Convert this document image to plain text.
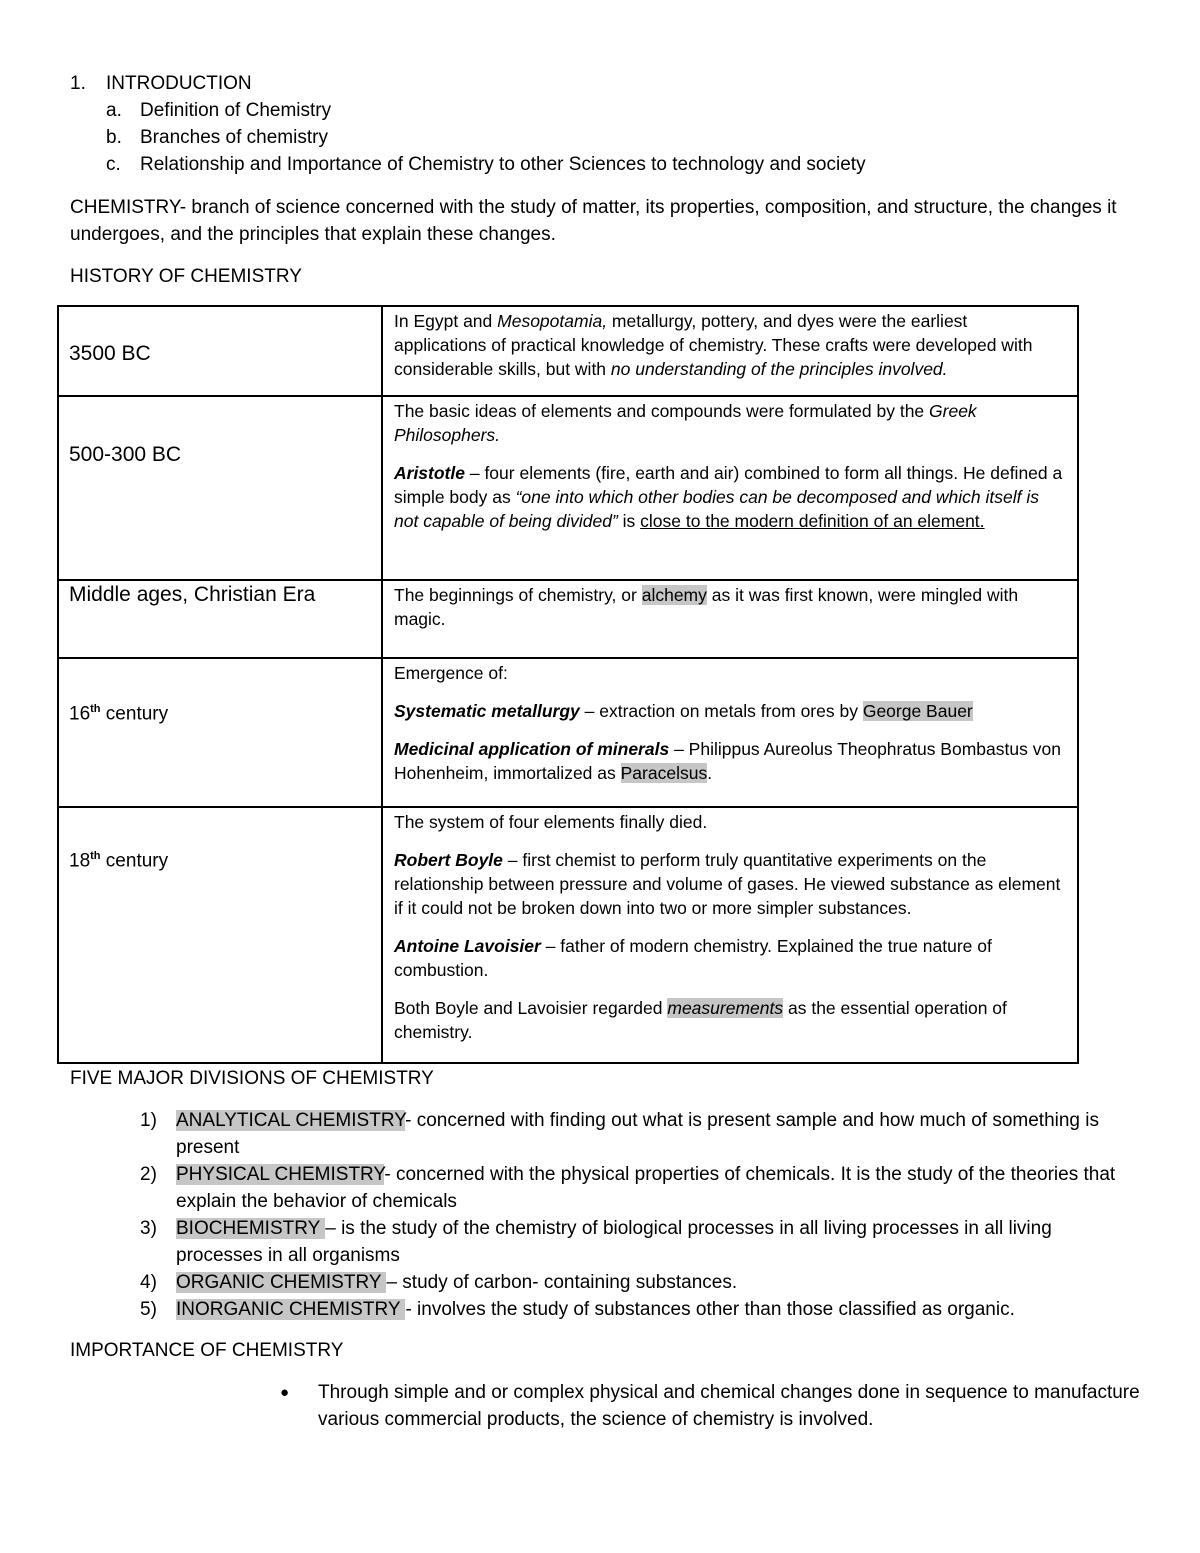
1.	INTRODUCTION
a. Definition of Chemistry
b. Branches of chemistry
c.	Relationship and Importance of Chemistry to other Sciences to technology and society
CHEMISTRY- branch of science concerned with the study of matter, its properties, composition, and structure, the changes it undergoes, and the principles that explain these changes.
HISTORY OF CHEMISTRY
3500 BC	In Egypt and Mesopotamia, metallurgy, pottery, and dyes were the earliest applications of practical knowledge of chemistry. These crafts were developed with considerable skills, but with no understanding of the principles involved.

500-300 BC	The basic ideas of elements and compounds were formulated by the Greek Philosophers.

Aristotle – four elements (fire, earth and air) combined to form all things. He defined a simple body as “one into which other bodies can be decomposed and which itself is not capable of being divided” is close to the modern definition of an element.

Middle ages, Christian Era	The beginnings of chemistry, or alchemy as it was first known, were mingled with magic.

16th century	Emergence of:

Systematic metallurgy – extraction on metals from ores by George Bauer

Medicinal application of minerals – Philippus Aureolus Theophratus Bombastus von Hohenheim, immortalized as Paracelsus.

18th century	The system of four elements finally died.

Robert Boyle – first chemist to perform truly quantitative experiments on the relationship between pressure and volume of gases. He viewed substance as element if it could not be broken down into two or more simpler substances.

Antoine Lavoisier – father of modern chemistry. Explained the true nature of combustion.

Both Boyle and Lavoisier regarded measurements as the essential operation of chemistry.

FIVE MAJOR DIVISIONS OF CHEMISTRY
1)	ANALYTICAL CHEMISTRY- concerned with finding out what is present sample and how much of something is present
2)	PHYSICAL CHEMISTRY- concerned with the physical properties of chemicals. It is the study of the theories that explain the behavior of chemicals
3)	BIOCHEMISTRY – is the study of the chemistry of biological processes in all living processes in all living processes in all organisms
4)	ORGANIC CHEMISTRY – study of carbon- containing substances.
5)	INORGANIC CHEMISTRY - involves the study of substances other than those classified as organic.
IMPORTANCE OF CHEMISTRY
●	Through simple and or complex physical and chemical changes done in sequence to manufacture various commercial products, the science of chemistry is involved.
